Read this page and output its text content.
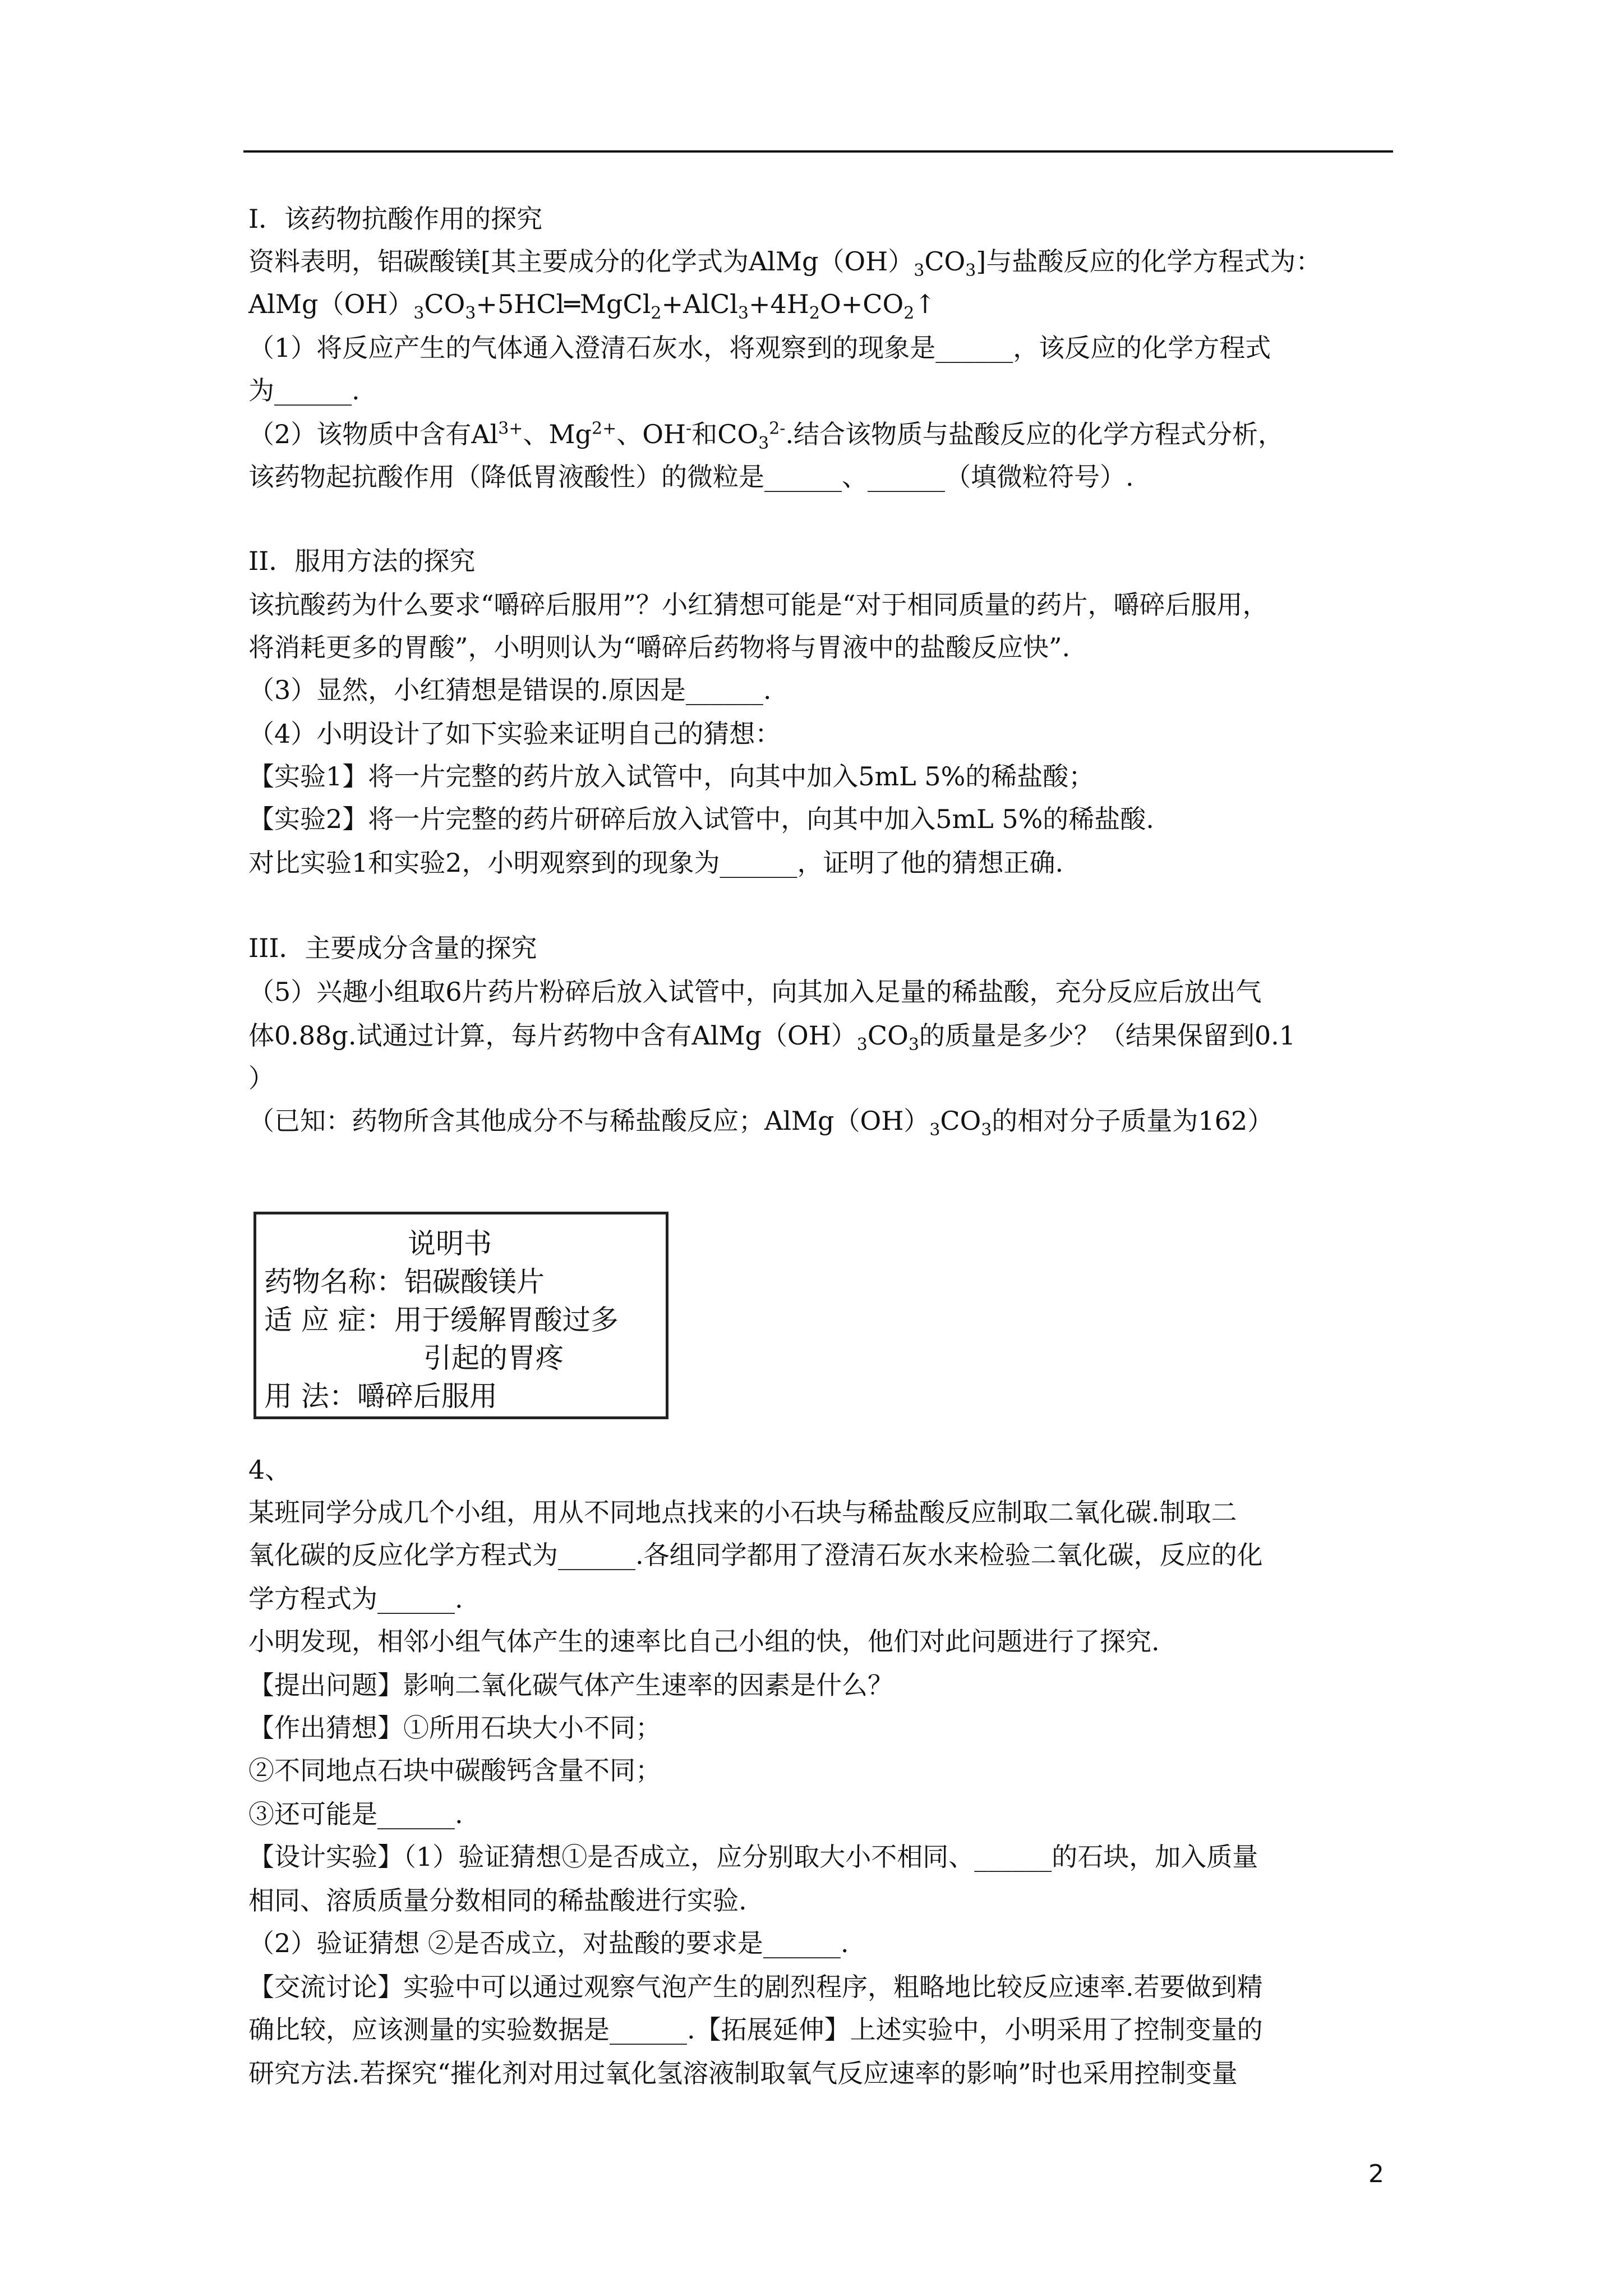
I．该药物抗酸作用的探究
资料表明，铝碳酸镁[其主要成分的化学式为$AlMg(OH)_3CO_3$]与盐酸反应的化学方程式为：
$AlMg(OH)_3CO_3+5HCl═MgCl_2+AlCl_3+4H_2O+CO_2↑$
（1）将反应产生的气体通入澄清石灰水，将观察到的现象是______，该反应的化学方程式
为______.
（2）该物质中含有$Al^{3+}$、$Mg^{2+}$、OH-和$CO_3^{2-}$.结合该物质与盐酸反应的化学方程式分析，
该药物起抗酸作用（降低胃液酸性）的微粒是______、______（填微粒符号）.
II．服用方法的探究
该抗酸药为什么要求“嚼碎后服用”？小红猜想可能是“对于相同质量的药片，嚼碎后服用，
将消耗更多的胃酸”，小明则认为“嚼碎后药物将与胃液中的盐酸反应快”.
（3）显然，小红猜想是错误的.原因是______.
（4）小明设计了如下实验来证明自己的猜想：
【实验1】将一片完整的药片放入试管中，向其中加入5mL 5%的稀盐酸；
【实验2】将一片完整的药片研碎后放入试管中，向其中加入5mL 5%的稀盐酸.
对比实验1和实验2，小明观察到的现象为______，证明了他的猜想正确.
III．主要成分含量的探究
（5）兴趣小组取6片药片粉碎后放入试管中，向其加入足量的稀盐酸，充分反应后放出气
体0.88g.试通过计算，每片药物中含有$AlMg(OH)_3CO_3$的质量是多少？（结果保留到0.1
）
（已知：药物所含其他成分不与稀盐酸反应；$AlMg(OH)_3CO_3$的相对分子质量为162）
说明书
药物名称：铝碳酸镁片
适 应 症：用于缓解胃酸过多
引起的胃疼
用 法：嚼碎后服用
4、
某班同学分成几个小组，用从不同地点找来的小石块与稀盐酸反应制取二氧化碳.制取二
氧化碳的反应化学方程式为______.各组同学都用了澄清石灰水来检验二氧化碳，反应的化
学方程式为______.
小明发现，相邻小组气体产生的速率比自己小组的快，他们对此问题进行了探究.
【提出问题】影响二氧化碳气体产生速率的因素是什么？
【作出猜想】①所用石块大小不同；
②不同地点石块中碳酸钙含量不同；
③还可能是______.
【设计实验】（1）验证猜想①是否成立，应分别取大小不相同、______的石块，加入质量
相同、溶质质量分数相同的稀盐酸进行实验.
（2）验证猜想 ②是否成立，对盐酸的要求是______.
【交流讨论】实验中可以通过观察气泡产生的剧烈程序，粗略地比较反应速率.若要做到精
确比较，应该测量的实验数据是______.【拓展延伸】上述实验中，小明采用了控制变量的
研究方法.若探究“摧化剂对用过氧化氢溶液制取氧气反应速率的影响”时也采用控制变量
2
